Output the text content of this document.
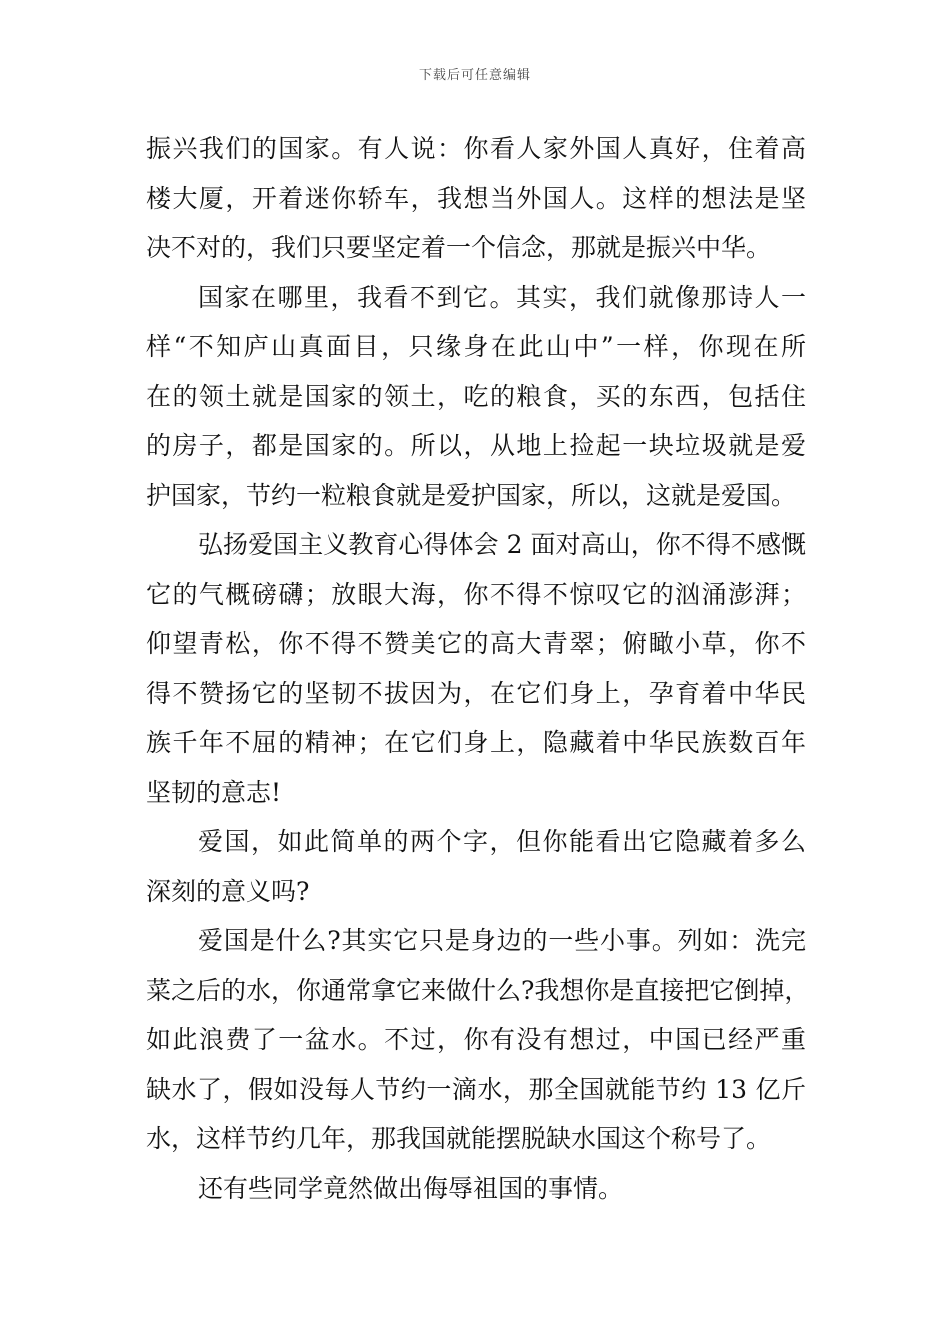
下载后可任意编辑
振兴我们的国家。有人说：你看人家外国人真好，住着高
楼大厦，开着迷你轿车，我想当外国人。这样的想法是坚
决不对的，我们只要坚定着一个信念，那就是振兴中华。
国家在哪里，我看不到它。其实，我们就像那诗人一
样“不知庐山真面目，只缘身在此山中”一样，你现在所
在的领土就是国家的领土，吃的粮食，买的东西，包括住
的房子，都是国家的。所以，从地上捡起一块垃圾就是爱
护国家，节约一粒粮食就是爱护国家，所以，这就是爱国。
弘扬爱国主义教育心得体会 2 面对高山，你不得不感慨
它的气概磅礴；放眼大海，你不得不惊叹它的汹涌澎湃；
仰望青松，你不得不赞美它的高大青翠；俯瞰小草，你不
得不赞扬它的坚韧不拔因为，在它们身上，孕育着中华民
族千年不屈的精神；在它们身上，隐藏着中华民族数百年
坚韧的意志!
爱国，如此简单的两个字，但你能看出它隐藏着多么
深刻的意义吗?
爱国是什么?其实它只是身边的一些小事。列如：洗完
菜之后的水，你通常拿它来做什么?我想你是直接把它倒掉，
如此浪费了一盆水。不过，你有没有想过，中国已经严重
缺水了，假如没每人节约一滴水，那全国就能节约 13 亿斤
水，这样节约几年，那我国就能摆脱缺水国这个称号了。
还有些同学竟然做出侮辱祖国的事情。
